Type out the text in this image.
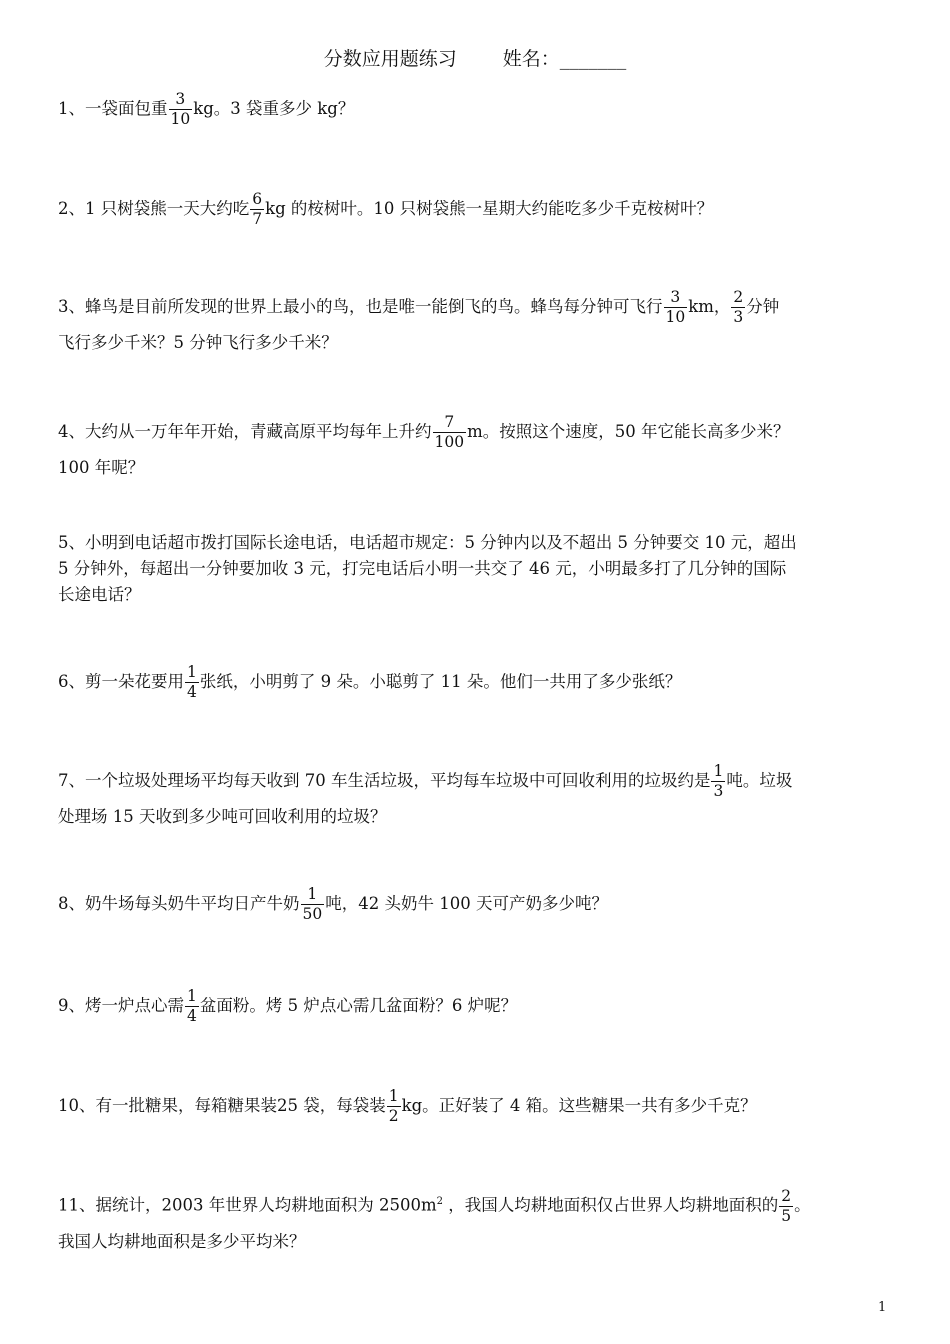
分数应用题练习 姓名：_______
1、一袋面包重 $\frac{3}{10}$ kg。3 袋重多少 kg？
2、1 只树袋熊一天大约吃 $\frac{6}{7}$ kg 的桉树叶。10 只树袋熊一星期大约能吃多少千克桉树叶？
3、蜂鸟是目前所发现的世界上最小的鸟，也是唯一能倒飞的鸟。蜂鸟每分钟可飞行 $\frac{3}{10}$ km， $\frac{2}{3}$ 分钟
飞行多少千米？5 分钟飞行多少千米？
4、大约从一万年年开始，青藏高原平均每年上升约 $\frac{7}{100}$ m。按照这个速度，50 年它能长高多少米？
100 年呢？
5、小明到电话超市拨打国际长途电话，电话超市规定：5 分钟内以及不超出 5 分钟要交 10 元，超出
5 分钟外，每超出一分钟要加收 3 元，打完电话后小明一共交了 46 元，小明最多打了几分钟的国际
长途电话？
6、剪一朵花要用 $\frac{1}{4}$ 张纸，小明剪了 9 朵。小聪剪了 11 朵。他们一共用了多少张纸？
7、一个垃圾处理场平均每天收到 70 车生活垃圾，平均每车垃圾中可回收利用的垃圾约是 $\frac{1}{3}$ 吨。垃圾
处理场 15 天收到多少吨可回收利用的垃圾？
8、奶牛场每头奶牛平均日产牛奶 $\frac{1}{50}$ 吨，42 头奶牛 100 天可产奶多少吨？
9、烤一炉点心需 $\frac{1}{4}$ 盆面粉。烤 5 炉点心需几盆面粉？6 炉呢？
10、有一批糖果，每箱糖果装25 袋，每袋装 $\frac{1}{2}$ kg。正好装了 4 箱。这些糖果一共有多少千克？
11、据统计，2003 年世界人均耕地面积为 $2500m^2$ ，我国人均耕地面积仅占世界人均耕地面积的 $\frac{2}{5}$ 。
我国人均耕地面积是多少平均米？
1
